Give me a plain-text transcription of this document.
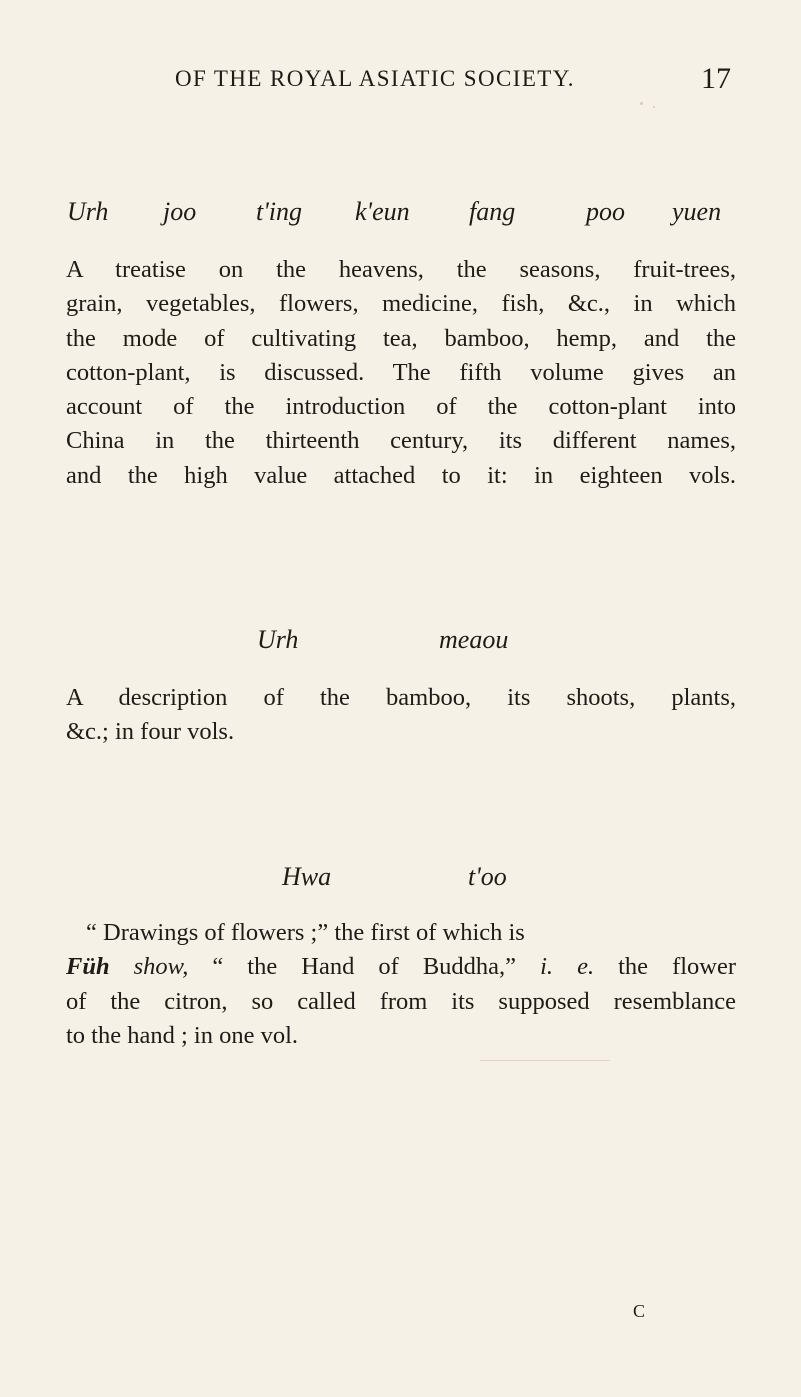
OF THE ROYAL ASIATIC SOCIETY.	17
Urh joo t'ing k'eun fang	poo yuen
A treatise on the heavens, the seasons, fruit-trees,
grain, vegetables, flowers, medicine, fish, &c., in which
the mode of cultivating tea, bamboo, hemp, and the
cotton-plant, is discussed. The fifth volume gives an
account of the introduction of the cotton-plant into
China in the thirteenth century, its different names,
and the high value attached to it: in eighteen vols.
Urh	meaou
A description of the bamboo, its shoots, plants,
&c.; in four vols.
Hwa	t'oo
“ Drawings of flowers ;” the first of which is
Füh show, “ the Hand of Buddha,” i. e. the flower
of the citron, so called from its supposed resemblance
to the hand ; in one vol.
C
